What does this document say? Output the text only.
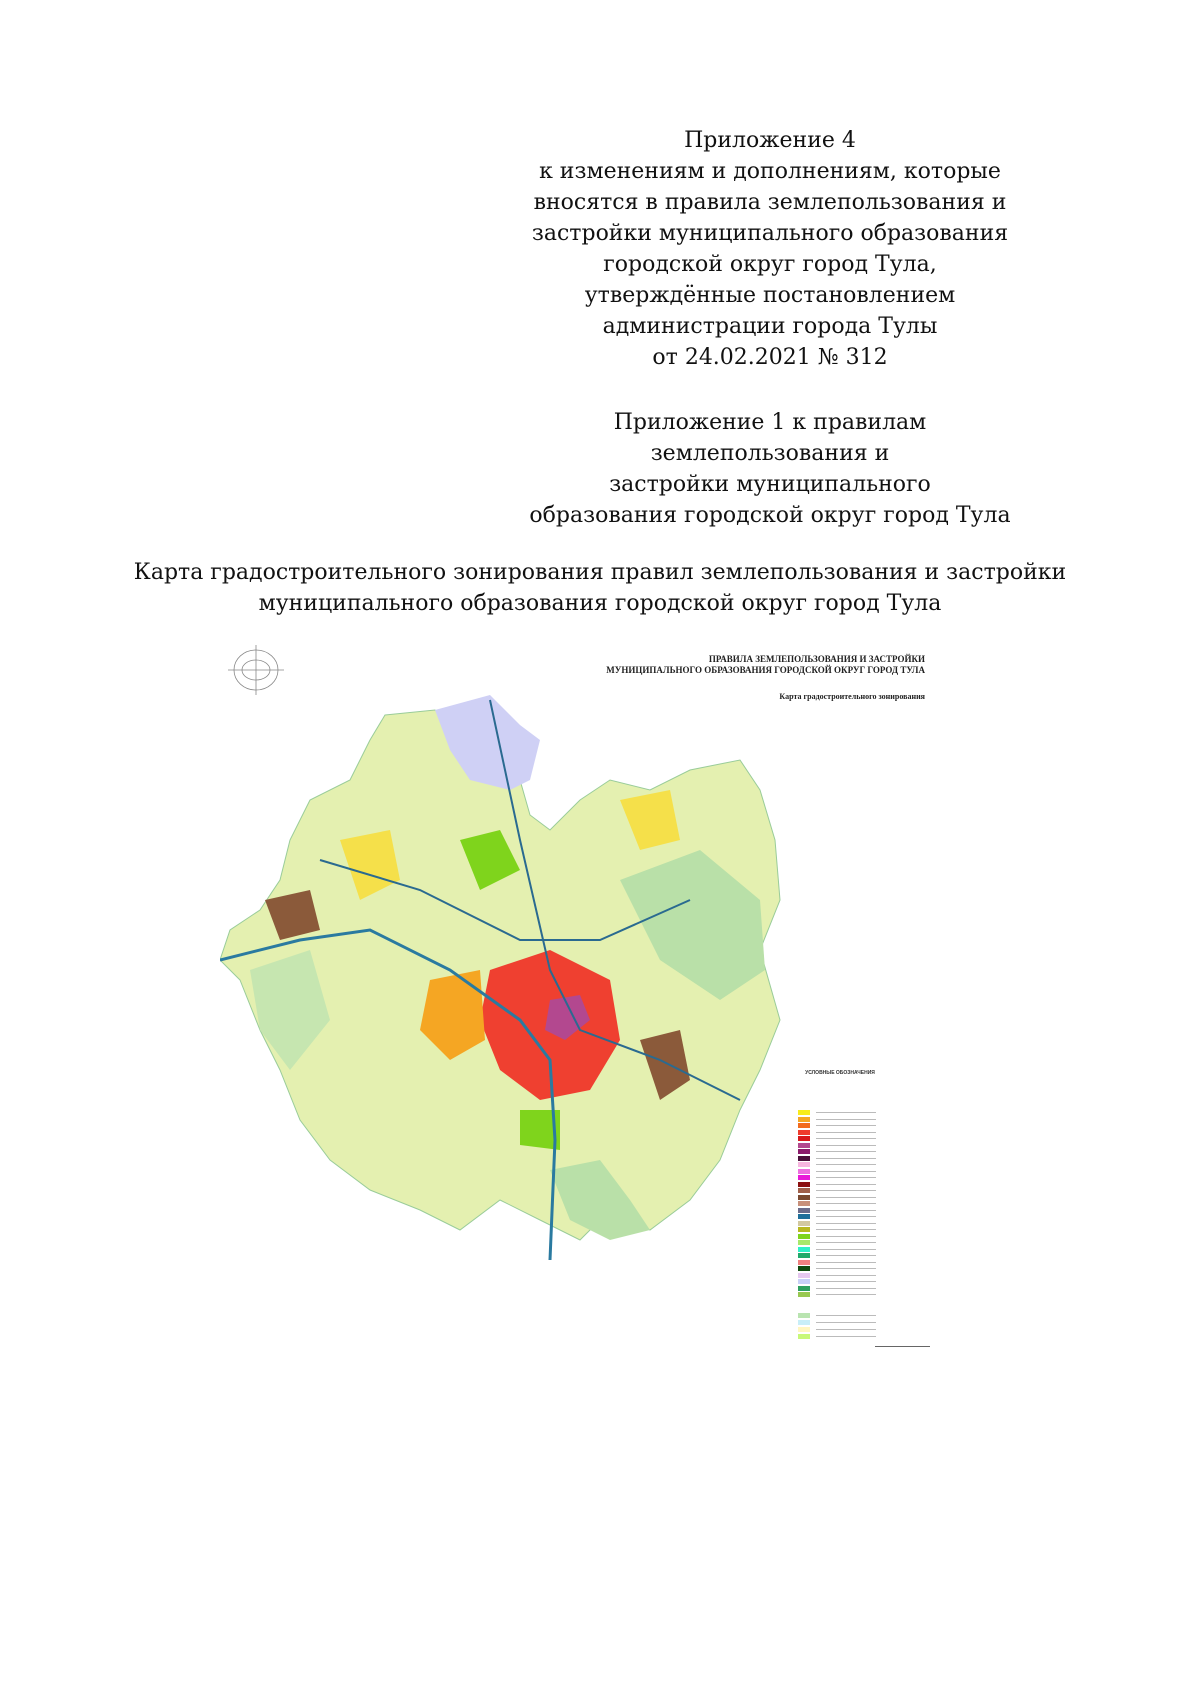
Приложение 4
к изменениям и дополнениям, которые
вносятся в правила землепользования и
застройки муниципального образования
городской округ город Тула,
утверждённые постановлением
администрации города Тулы
от 24.02.2021 № 312
Приложение 1 к правилам
землепользования и
застройки муниципального
образования городской округ город Тула
Карта градостроительного зонирования правил землепользования и застройки
муниципального образования городской округ город Тула
ПРАВИЛА ЗЕМЛЕПОЛЬЗОВАНИЯ И ЗАСТРОЙКИ
МУНИЦИПАЛЬНОГО ОБРАЗОВАНИЯ ГОРОДСКОЙ ОКРУГ ГОРОД ТУЛА
Карта градостроительного зонирования
УСЛОВНЫЕ ОБОЗНАЧЕНИЯ
